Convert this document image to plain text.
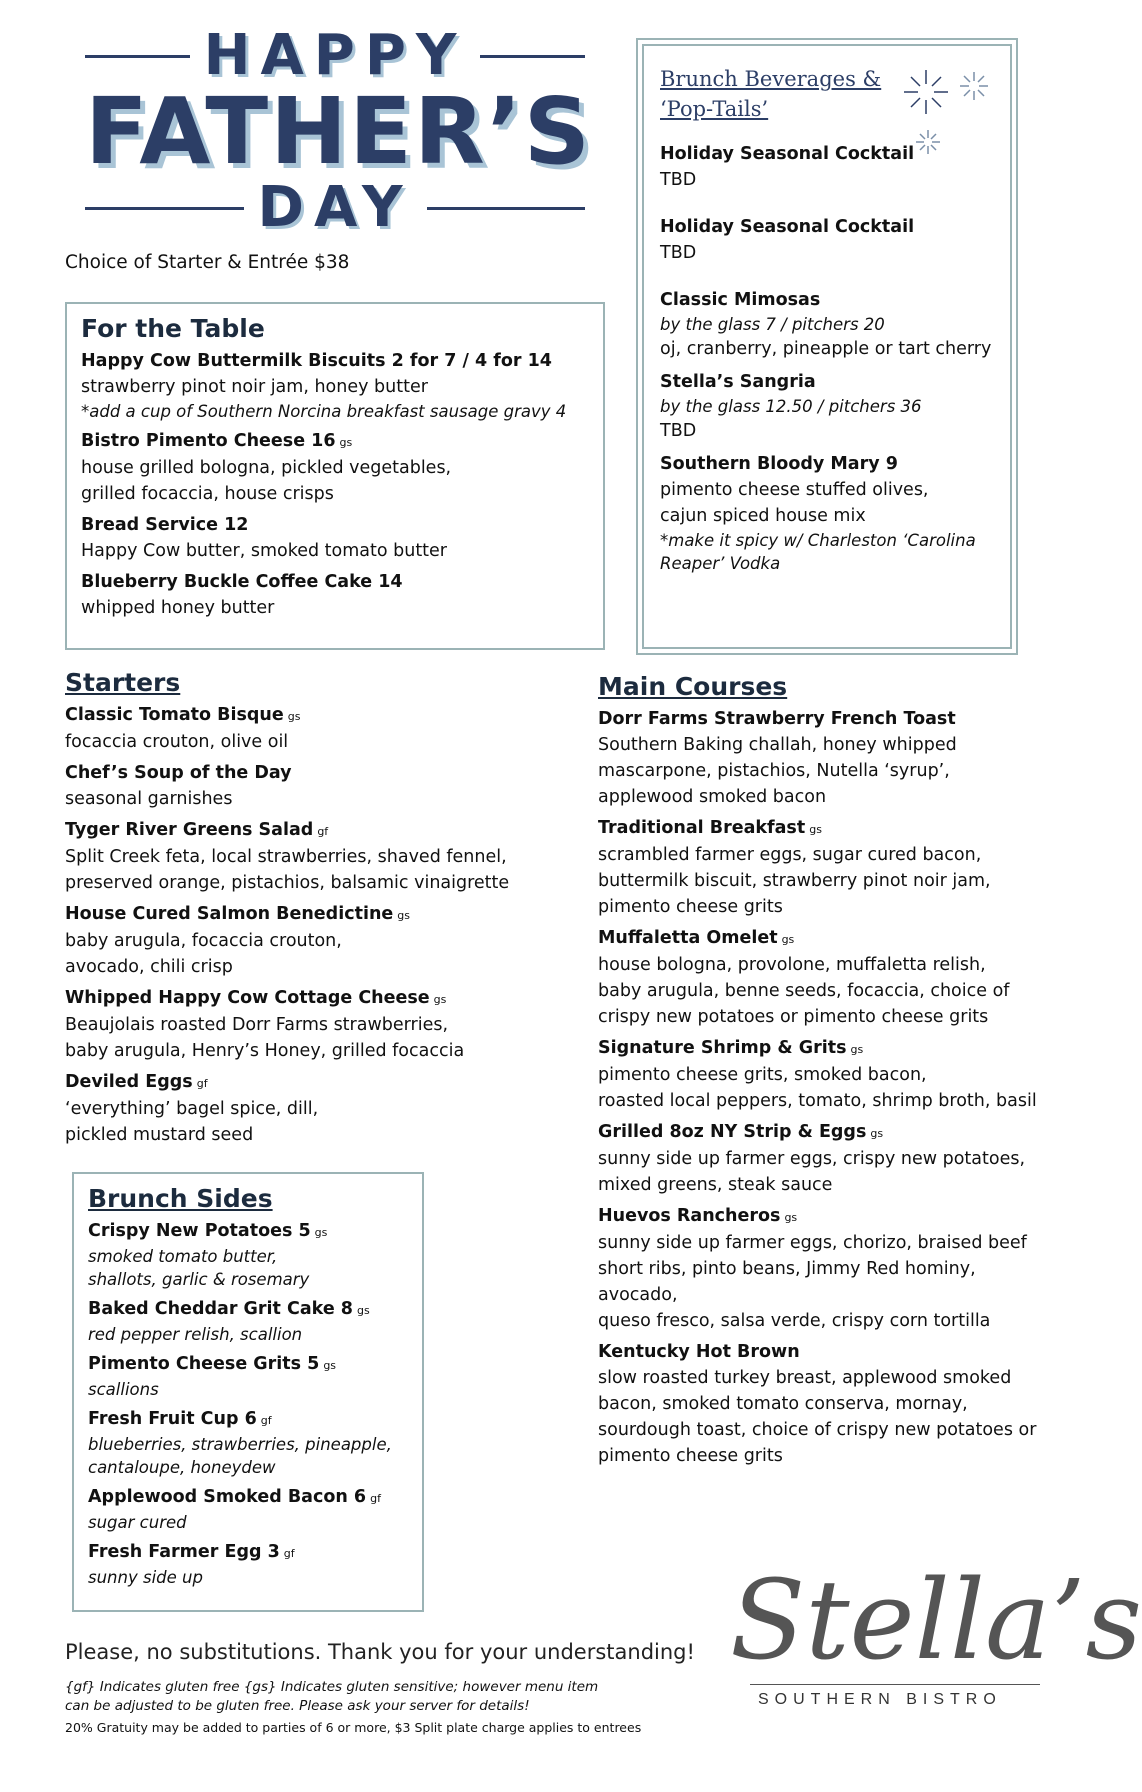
HAPPY
FATHER’S
DAY
Choice of Starter & Entrée $38
For the Table
Happy Cow Buttermilk Biscuits 2 for 7 / 4 for 14
strawberry pinot noir jam, honey butter
*add a cup of Southern Norcina breakfast sausage gravy 4
Bistro Pimento Cheese 16 gs
house grilled bologna, pickled vegetables,
grilled focaccia, house crisps
Bread Service 12
Happy Cow butter, smoked tomato butter
Blueberry Buckle Coffee Cake 14
whipped honey butter
Brunch Beverages & ‘Pop-Tails’
Holiday Seasonal Cocktail
TBD
Holiday Seasonal Cocktail
TBD
Classic Mimosas
by the glass 7 / pitchers 20
oj, cranberry, pineapple or tart cherry
Stella’s Sangria
by the glass 12.50 / pitchers 36
TBD
Southern Bloody Mary 9
pimento cheese stuffed olives,
cajun spiced house mix
*make it spicy w/ Charleston ‘Carolina Reaper’ Vodka
Starters
Classic Tomato Bisque gs
focaccia crouton, olive oil
Chef’s Soup of the Day
seasonal garnishes
Tyger River Greens Salad gf
Split Creek feta, local strawberries, shaved fennel,
preserved orange, pistachios, balsamic vinaigrette
House Cured Salmon Benedictine gs
baby arugula, focaccia crouton,
avocado, chili crisp
Whipped Happy Cow Cottage Cheese gs
Beaujolais roasted Dorr Farms strawberries,
baby arugula, Henry’s Honey, grilled focaccia
Deviled Eggs gf
‘everything’ bagel spice, dill,
pickled mustard seed
Main Courses
Dorr Farms Strawberry French Toast
Southern Baking challah, honey whipped
mascarpone, pistachios, Nutella ‘syrup’,
applewood smoked bacon
Traditional Breakfast gs
scrambled farmer eggs, sugar cured bacon,
buttermilk biscuit, strawberry pinot noir jam,
pimento cheese grits
Muffaletta Omelet gs
house bologna, provolone, muffaletta relish,
baby arugula, benne seeds, focaccia, choice of
crispy new potatoes or pimento cheese grits
Signature Shrimp & Grits gs
pimento cheese grits, smoked bacon,
roasted local peppers, tomato, shrimp broth, basil
Grilled 8oz NY Strip & Eggs gs
sunny side up farmer eggs, crispy new potatoes,
mixed greens, steak sauce
Huevos Rancheros gs
sunny side up farmer eggs, chorizo, braised beef
short ribs, pinto beans, Jimmy Red hominy, avocado,
queso fresco, salsa verde, crispy corn tortilla
Kentucky Hot Brown
slow roasted turkey breast, applewood smoked
bacon, smoked tomato conserva, mornay,
sourdough toast, choice of crispy new potatoes or
pimento cheese grits
Brunch Sides
Crispy New Potatoes 5 gs
smoked tomato butter,
shallots, garlic & rosemary
Baked Cheddar Grit Cake 8 gs
red pepper relish, scallion
Pimento Cheese Grits 5 gs
scallions
Fresh Fruit Cup 6 gf
blueberries, strawberries, pineapple,
cantaloupe, honeydew
Applewood Smoked Bacon 6 gf
sugar cured
Fresh Farmer Egg 3 gf
sunny side up
Please, no substitutions. Thank you for your understanding!
{gf} Indicates gluten free {gs} Indicates gluten sensitive; however menu item can be adjusted to be gluten free. Please ask your server for details!
20% Gratuity may be added to parties of 6 or more, $3 Split plate charge applies to entrees
Stella’s
SOUTHERN BISTRO
